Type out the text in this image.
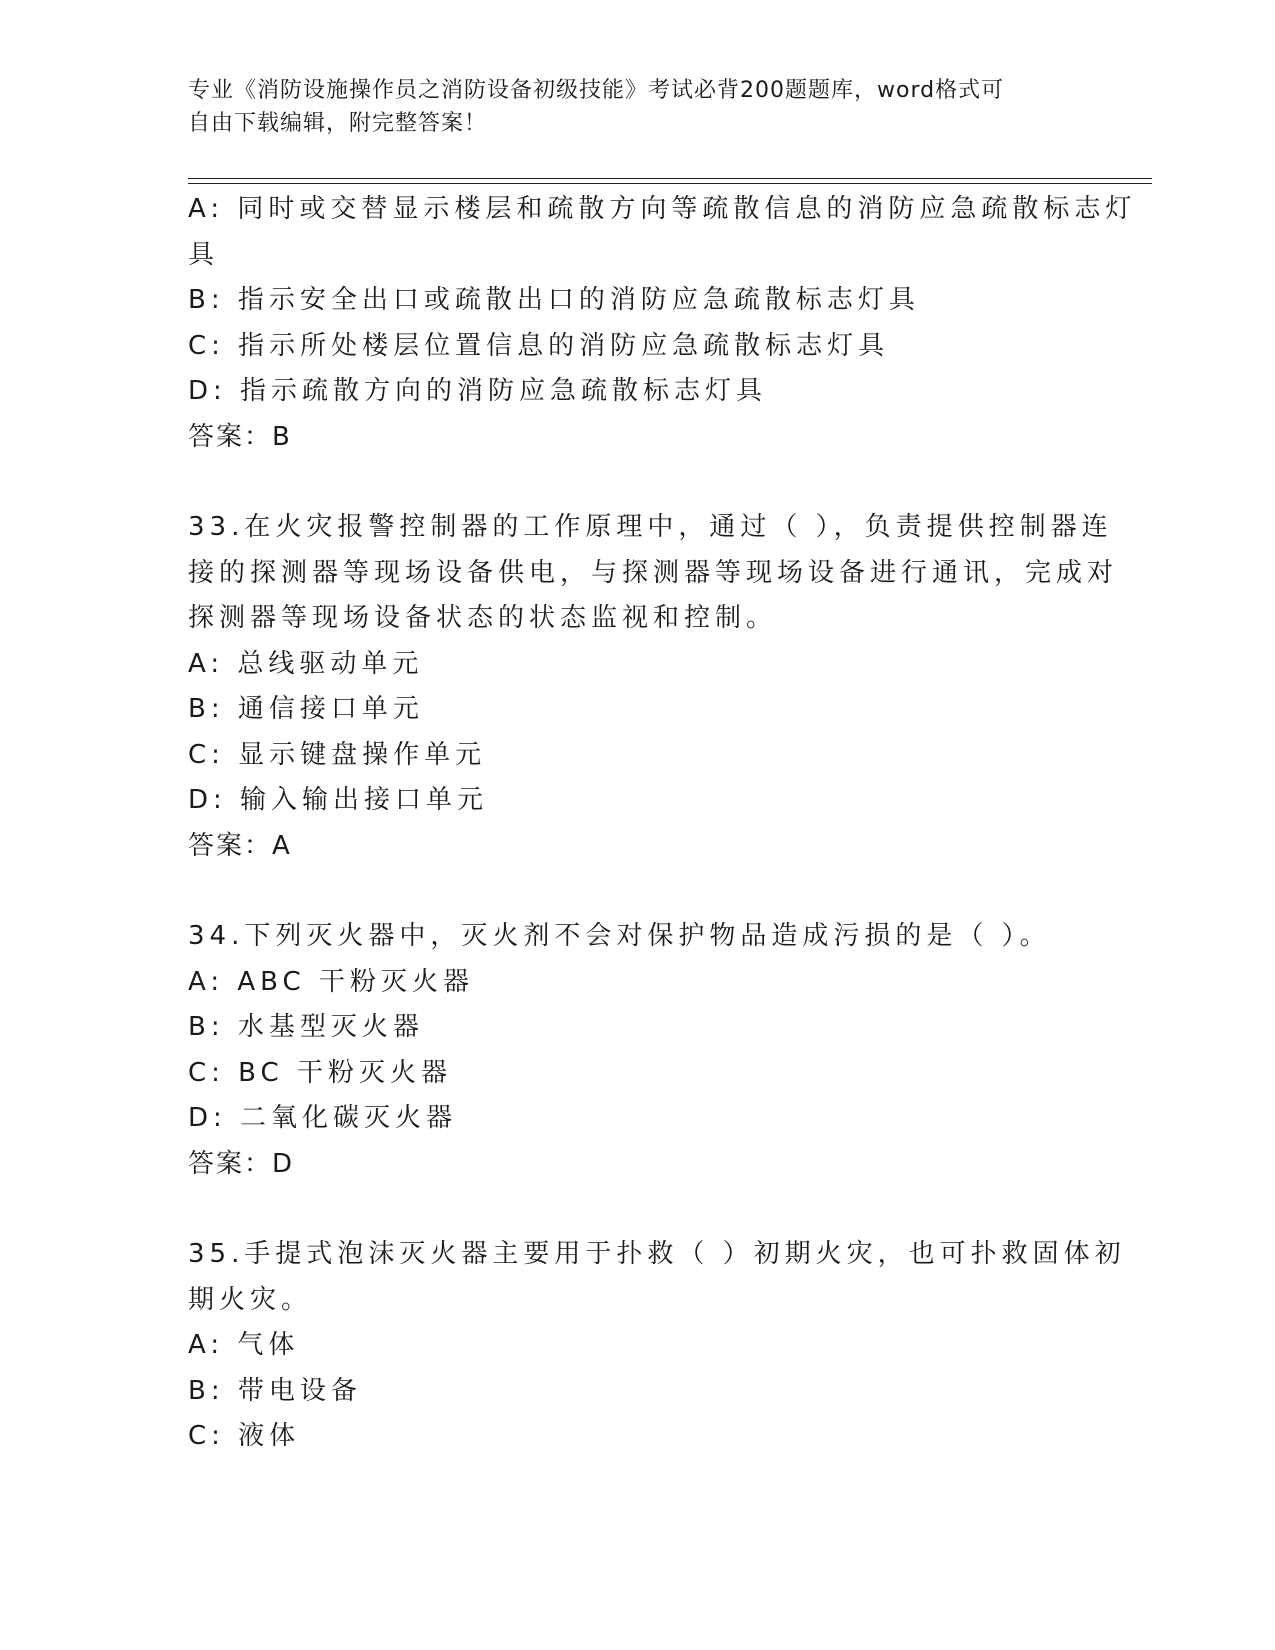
专业《消防设施操作员之消防设备初级技能》考试必背200题题库，word格式可
自由下载编辑，附完整答案！
A: 同时或交替显示楼层和疏散方向等疏散信息的消防应急疏散标志灯
具
B: 指示安全出口或疏散出口的消防应急疏散标志灯具
C: 指示所处楼层位置信息的消防应急疏散标志灯具
D: 指示疏散方向的消防应急疏散标志灯具
答案：B
33.在火灾报警控制器的工作原理中，通过（ ），负责提供控制器连
接的探测器等现场设备供电，与探测器等现场设备进行通讯，完成对
探测器等现场设备状态的状态监视和控制。
A: 总线驱动单元
B: 通信接口单元
C: 显示键盘操作单元
D: 输入输出接口单元
答案：A
34.下列灭火器中，灭火剂不会对保护物品造成污损的是（ ）。
A: ABC 干粉灭火器
B: 水基型灭火器
C: BC 干粉灭火器
D: 二氧化碳灭火器
答案：D
35.手提式泡沫灭火器主要用于扑救（ ）初期火灾，也可扑救固体初
期火灾。
A: 气体
B: 带电设备
C: 液体
